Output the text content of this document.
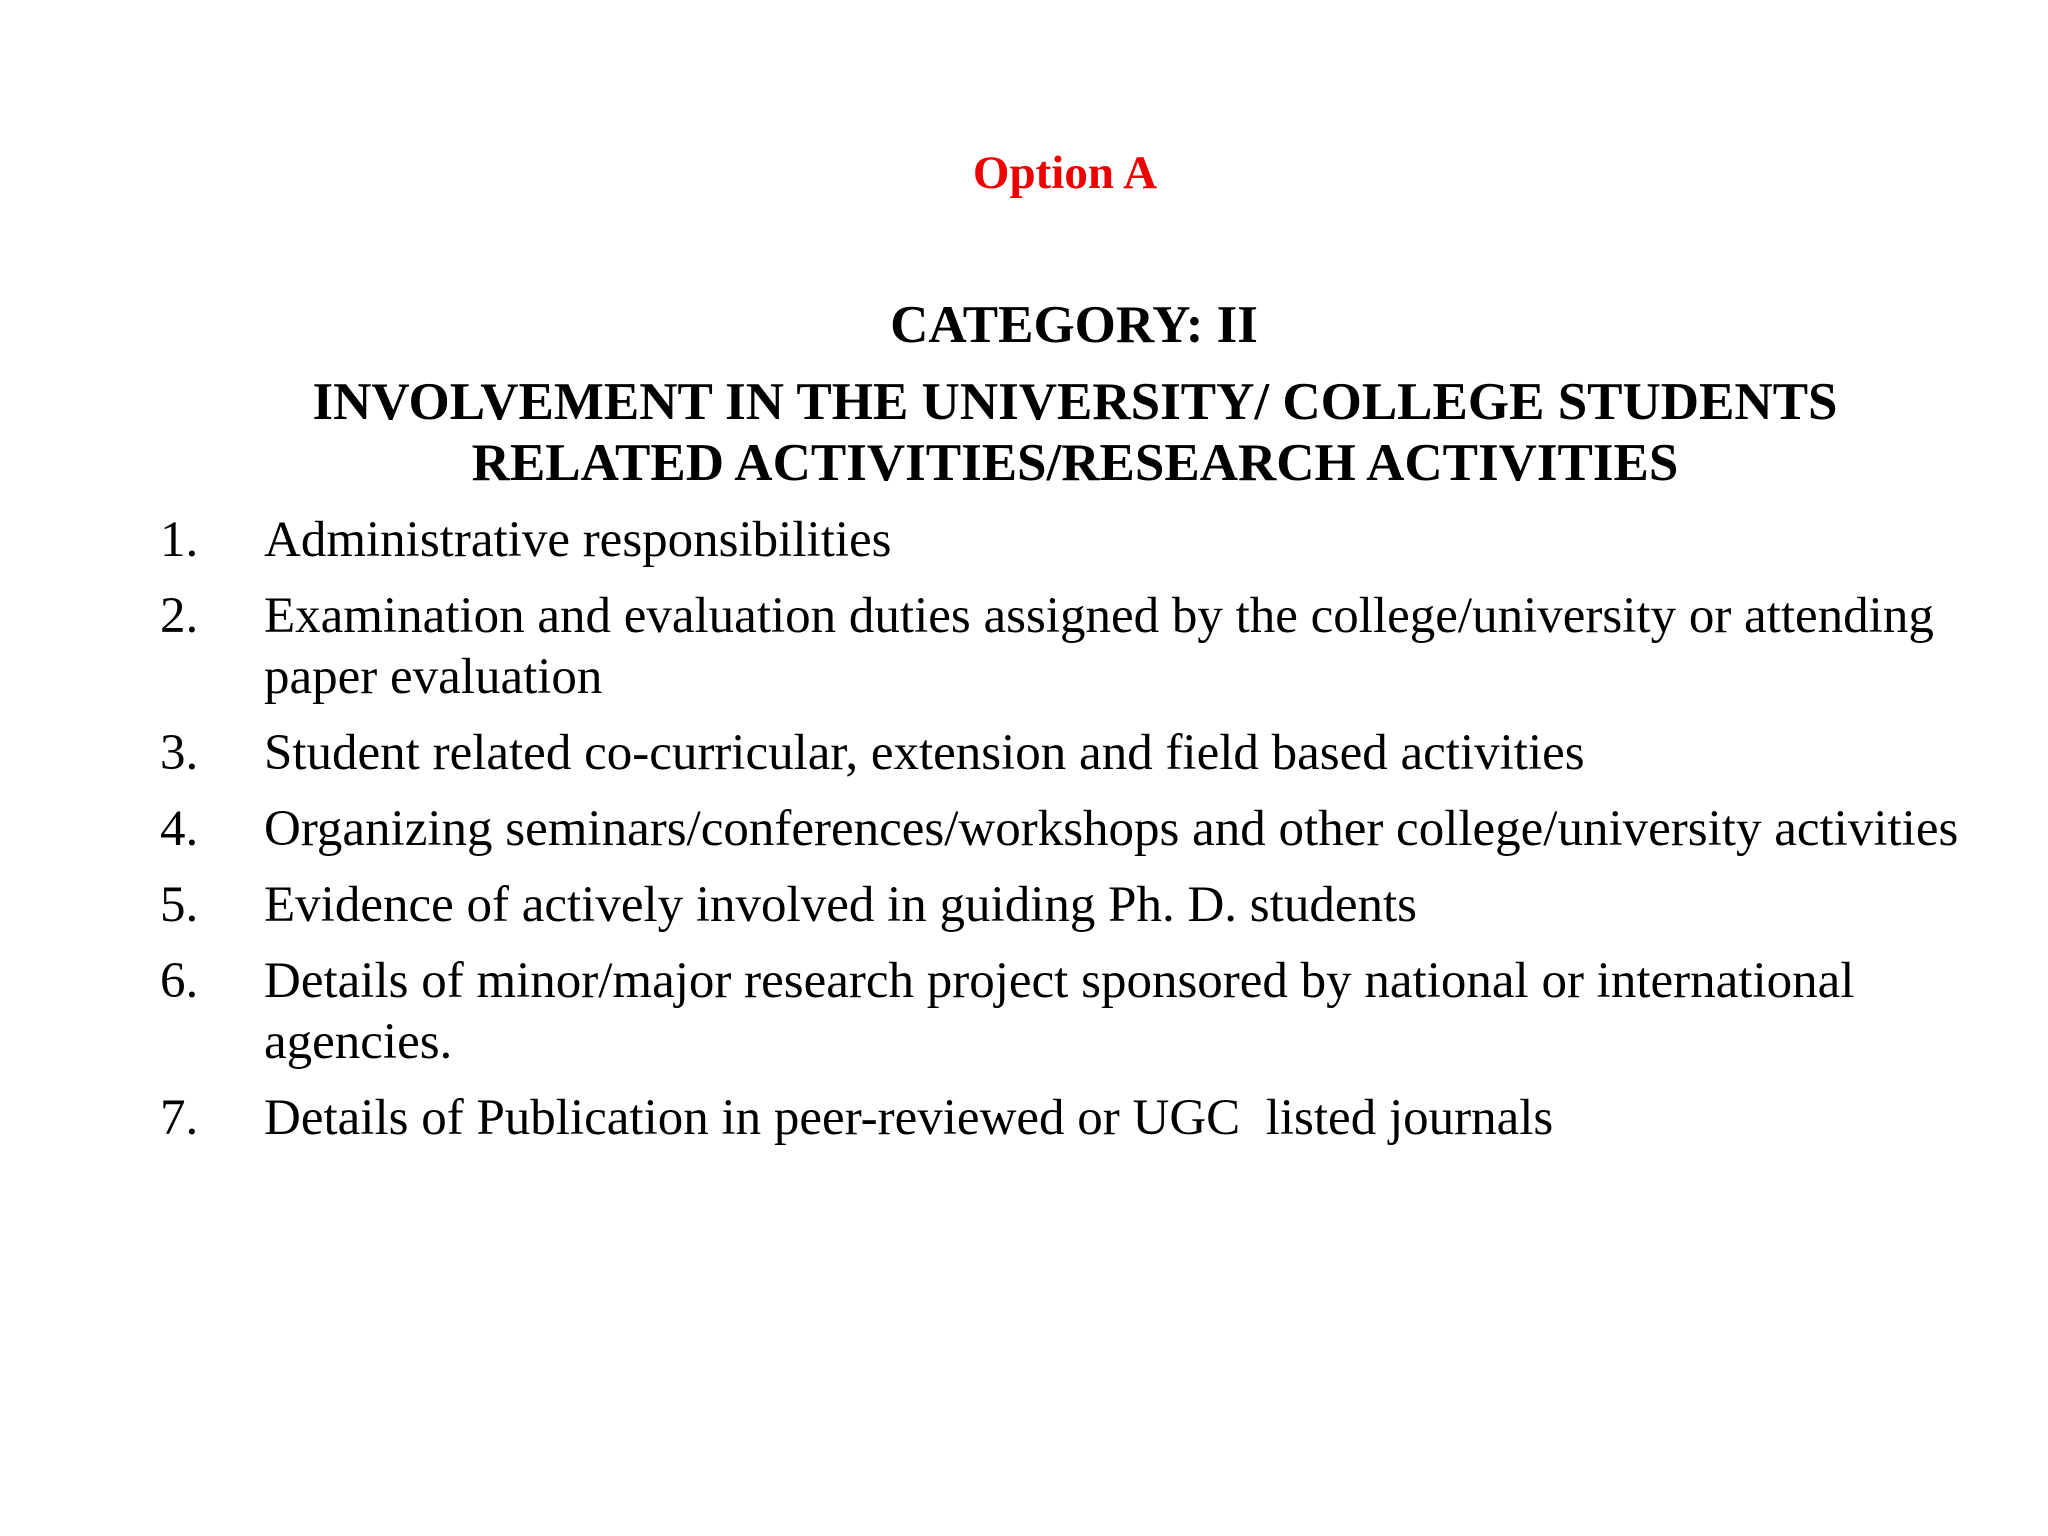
Option A
CATEGORY: II
INVOLVEMENT IN THE UNIVERSITY/ COLLEGE STUDENTS
RELATED ACTIVITIES/RESEARCH ACTIVITIES
1.	Administrative responsibilities
2.	Examination and evaluation duties assigned by the college/university or attending paper evaluation
3.	Student related co-curricular, extension and field based activities
4.	Organizing seminars/conferences/workshops and other college/university activities
5.	Evidence of actively involved in guiding Ph. D. students
6.	Details of minor/major research project sponsored by national or international agencies.
7.	Details of Publication in peer-reviewed or UGC  listed journals
